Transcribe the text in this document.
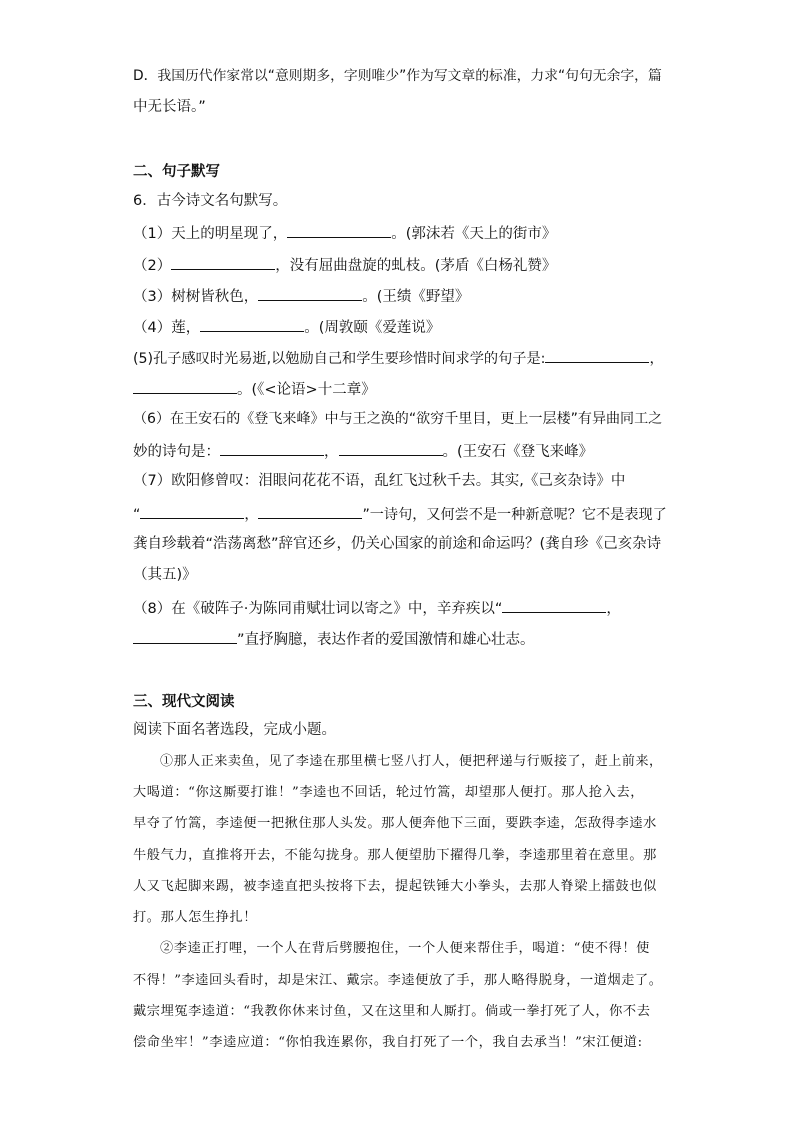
D．我国历代作家常以“意则期多，字则唯少”作为写文章的标准，力求“句句无余字，篇
中无长语。”
二、句子默写
6．古今诗文名句默写。
（1）天上的明星现了，	。(郭沫若《天上的街市》
（2）	，没有屈曲盘旋的虬枝。(茅盾《白杨礼赞》
（3）树树皆秋色，	。(王绩《野望》
（4）莲，	。(周敦颐《爱莲说》
(5)孔子感叹时光易逝,以勉励自己和学生要珍惜时间求学的句子是:	，
。(《<论语>十二章》
（6）在王安石的《登飞来峰》中与王之涣的“欲穷千里目，更上一层楼”有异曲同工之
妙的诗句是：	，	。(王安石《登飞来峰》
（7）欧阳修曾叹：泪眼问花花不语，乱红飞过秋千去。其实,《己亥杂诗》中
“	，	”一诗句，又何尝不是一种新意呢？它不是表现了
龚自珍载着“浩荡离愁”辞官还乡，仍关心国家的前途和命运吗？(龚自珍《己亥杂诗
（其五)》
（8）在《破阵子·为陈同甫赋壮词以寄之》中，辛弃疾以“	，
”直抒胸臆，表达作者的爱国激情和雄心壮志。
三、现代文阅读
阅读下面名著选段，完成小题。
①那人正来卖鱼，见了李逵在那里横七竖八打人，便把秤递与行贩接了，赶上前来，
大喝道：“你这厮要打谁！”李逵也不回话，轮过竹篙，却望那人便打。那人抢入去，
早夺了竹篙，李逵便一把揪住那人头发。那人便奔他下三面，要跌李逵，怎敌得李逵水
牛般气力，直推将开去，不能勾拢身。那人便望肋下擢得几拳，李逵那里着在意里。那
人又飞起脚来踢，被李逵直把头按将下去，提起铁锤大小拳头，去那人脊梁上擂鼓也似
打。那人怎生挣扎！
②李逵正打哩，一个人在背后劈腰抱住，一个人便来帮住手，喝道：“使不得！使
不得！”李逵回头看时，却是宋江、戴宗。李逵便放了手，那人略得脱身，一道烟走了。
戴宗埋冤李逵道：“我教你休来讨鱼，又在这里和人厮打。倘或一拳打死了人，你不去
偿命坐牢！”李逵应道：“你怕我连累你，我自打死了一个，我自去承当！”宋江便道:
